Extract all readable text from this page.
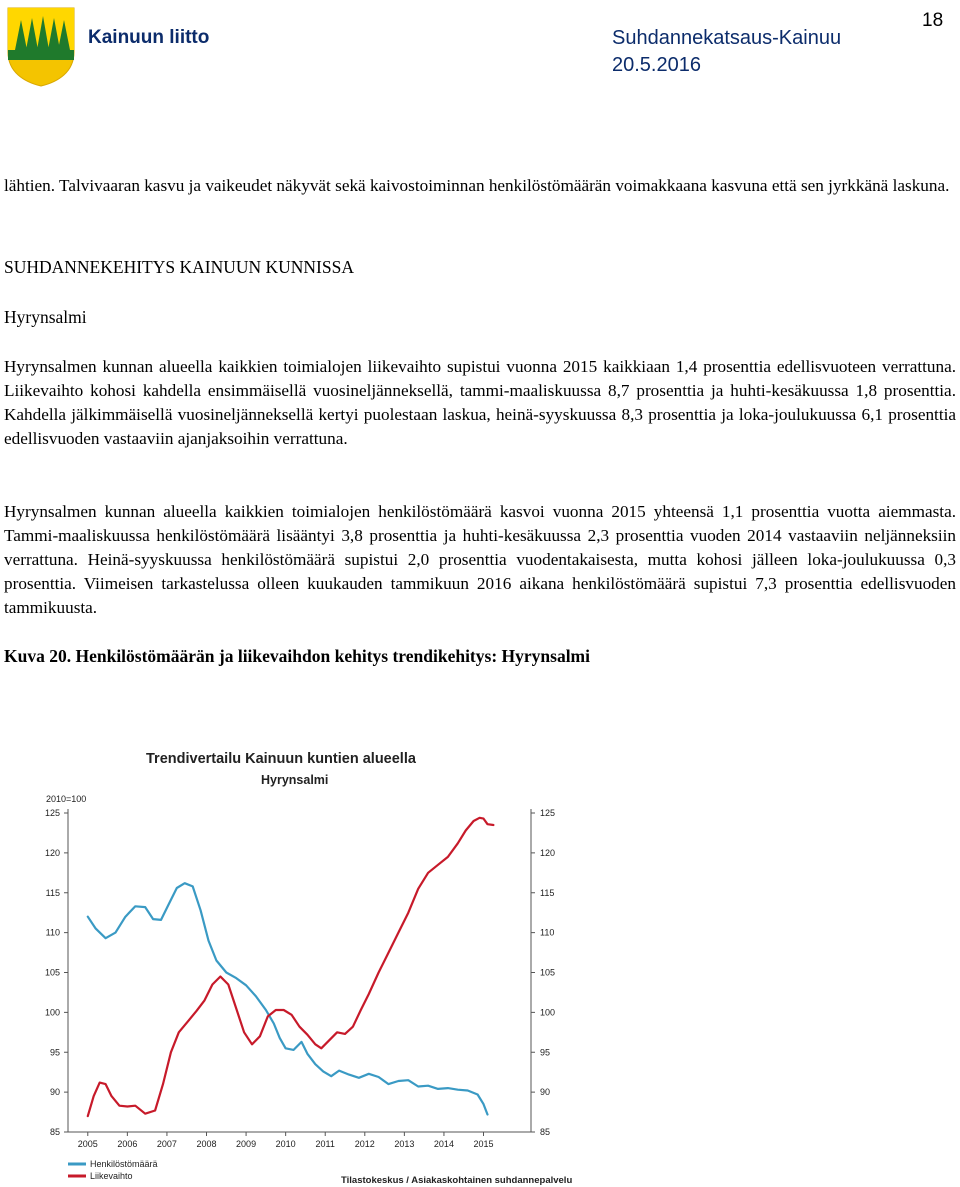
Kainuun liitto	Suhdannekatsaus-Kainuu
20.5.2016
18

lähtien. Talvivaaran kasvu ja vaikeudet näkyvät sekä kaivostoiminnan henkilöstömäärän voimakkaana kasvuna että sen jyrkkänä laskuna.

SUHDANNEKEHITYS KAINUUN KUNNISSA

Hyrynsalmi

Hyrynsalmen kunnan alueella kaikkien toimialojen liikevaihto supistui vuonna 2015 kaikkiaan 1,4 prosenttia edellisvuoteen verrattuna. Liikevaihto kohosi kahdella ensimmäisellä vuosineljänneksellä, tammi-maaliskuussa 8,7 prosenttia ja huhti-kesäkuussa 1,8 prosenttia. Kahdella jälkimmäisellä vuosineljänneksellä kertyi puolestaan laskua, heinä-syyskuussa 8,3 prosenttia ja loka-joulukuussa 6,1 prosenttia edellisvuoden vastaaviin ajanjaksoihin verrattuna.

Hyrynsalmen kunnan alueella kaikkien toimialojen henkilöstömäärä kasvoi vuonna 2015 yhteensä 1,1 prosenttia vuotta aiemmasta. Tammi-maaliskuussa henkilöstömäärä lisääntyi 3,8 prosenttia ja huhti-kesäkuussa 2,3 prosenttia vuoden 2014 vastaaviin neljänneksiin verrattuna. Heinä-syyskuussa henkilöstömäärä supistui 2,0 prosenttia vuodentakaisesta, mutta kohosi jälleen loka-joulukuussa 0,3 prosenttia. Viimeisen tarkastelussa olleen kuukauden tammikuun 2016 aikana henkilöstömäärä supistui 7,3 prosenttia edellisvuoden tammikuusta.

Kuva 20. Henkilöstömäärän ja liikevaihdon kehitys trendikehitys: Hyrynsalmi

Trendivertailu Kainuun kuntien alueella
Hyrynsalmi
2010=100
125	125
120	120
115	115
110	110
105	105
100	100
95	95
90	90
85	85
2005 2006 2007 2008 2009 2010 2011 2012 2013 2014 2015
Henkilöstömäärä
Liikevaihto	Tilastokeskus / Asiakaskohtainen suhdannepalvelu
